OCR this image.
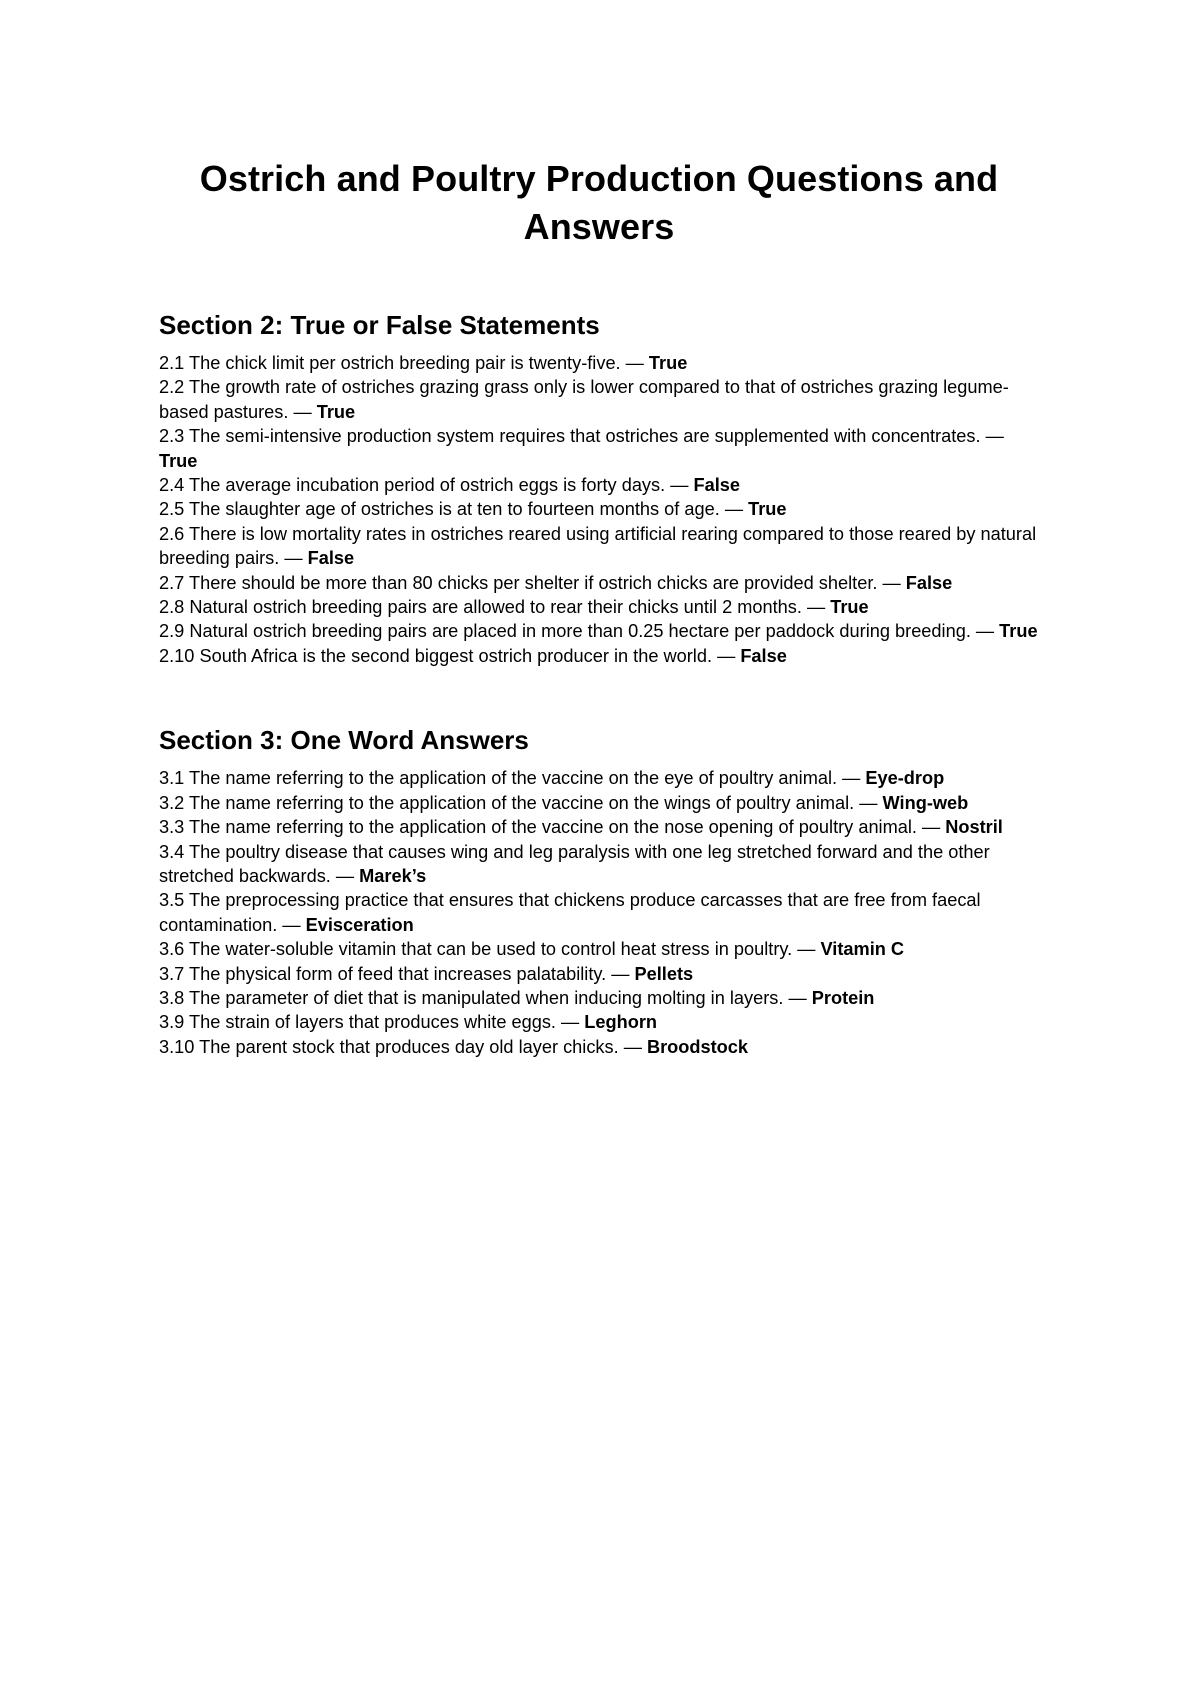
Ostrich and Poultry Production Questions and Answers
Section 2: True or False Statements
2.1 The chick limit per ostrich breeding pair is twenty-five. — True
2.2 The growth rate of ostriches grazing grass only is lower compared to that of ostriches grazing legume-based pastures. — True
2.3 The semi-intensive production system requires that ostriches are supplemented with concentrates. — True
2.4 The average incubation period of ostrich eggs is forty days. — False
2.5 The slaughter age of ostriches is at ten to fourteen months of age. — True
2.6 There is low mortality rates in ostriches reared using artificial rearing compared to those reared by natural breeding pairs. — False
2.7 There should be more than 80 chicks per shelter if ostrich chicks are provided shelter. — False
2.8 Natural ostrich breeding pairs are allowed to rear their chicks until 2 months. — True
2.9 Natural ostrich breeding pairs are placed in more than 0.25 hectare per paddock during breeding. — True
2.10 South Africa is the second biggest ostrich producer in the world. — False
Section 3: One Word Answers
3.1 The name referring to the application of the vaccine on the eye of poultry animal. — Eye-drop
3.2 The name referring to the application of the vaccine on the wings of poultry animal. — Wing-web
3.3 The name referring to the application of the vaccine on the nose opening of poultry animal. — Nostril
3.4 The poultry disease that causes wing and leg paralysis with one leg stretched forward and the other stretched backwards. — Marek’s
3.5 The preprocessing practice that ensures that chickens produce carcasses that are free from faecal contamination. — Evisceration
3.6 The water-soluble vitamin that can be used to control heat stress in poultry. — Vitamin C
3.7 The physical form of feed that increases palatability. — Pellets
3.8 The parameter of diet that is manipulated when inducing molting in layers. — Protein
3.9 The strain of layers that produces white eggs. — Leghorn
3.10 The parent stock that produces day old layer chicks. — Broodstock
